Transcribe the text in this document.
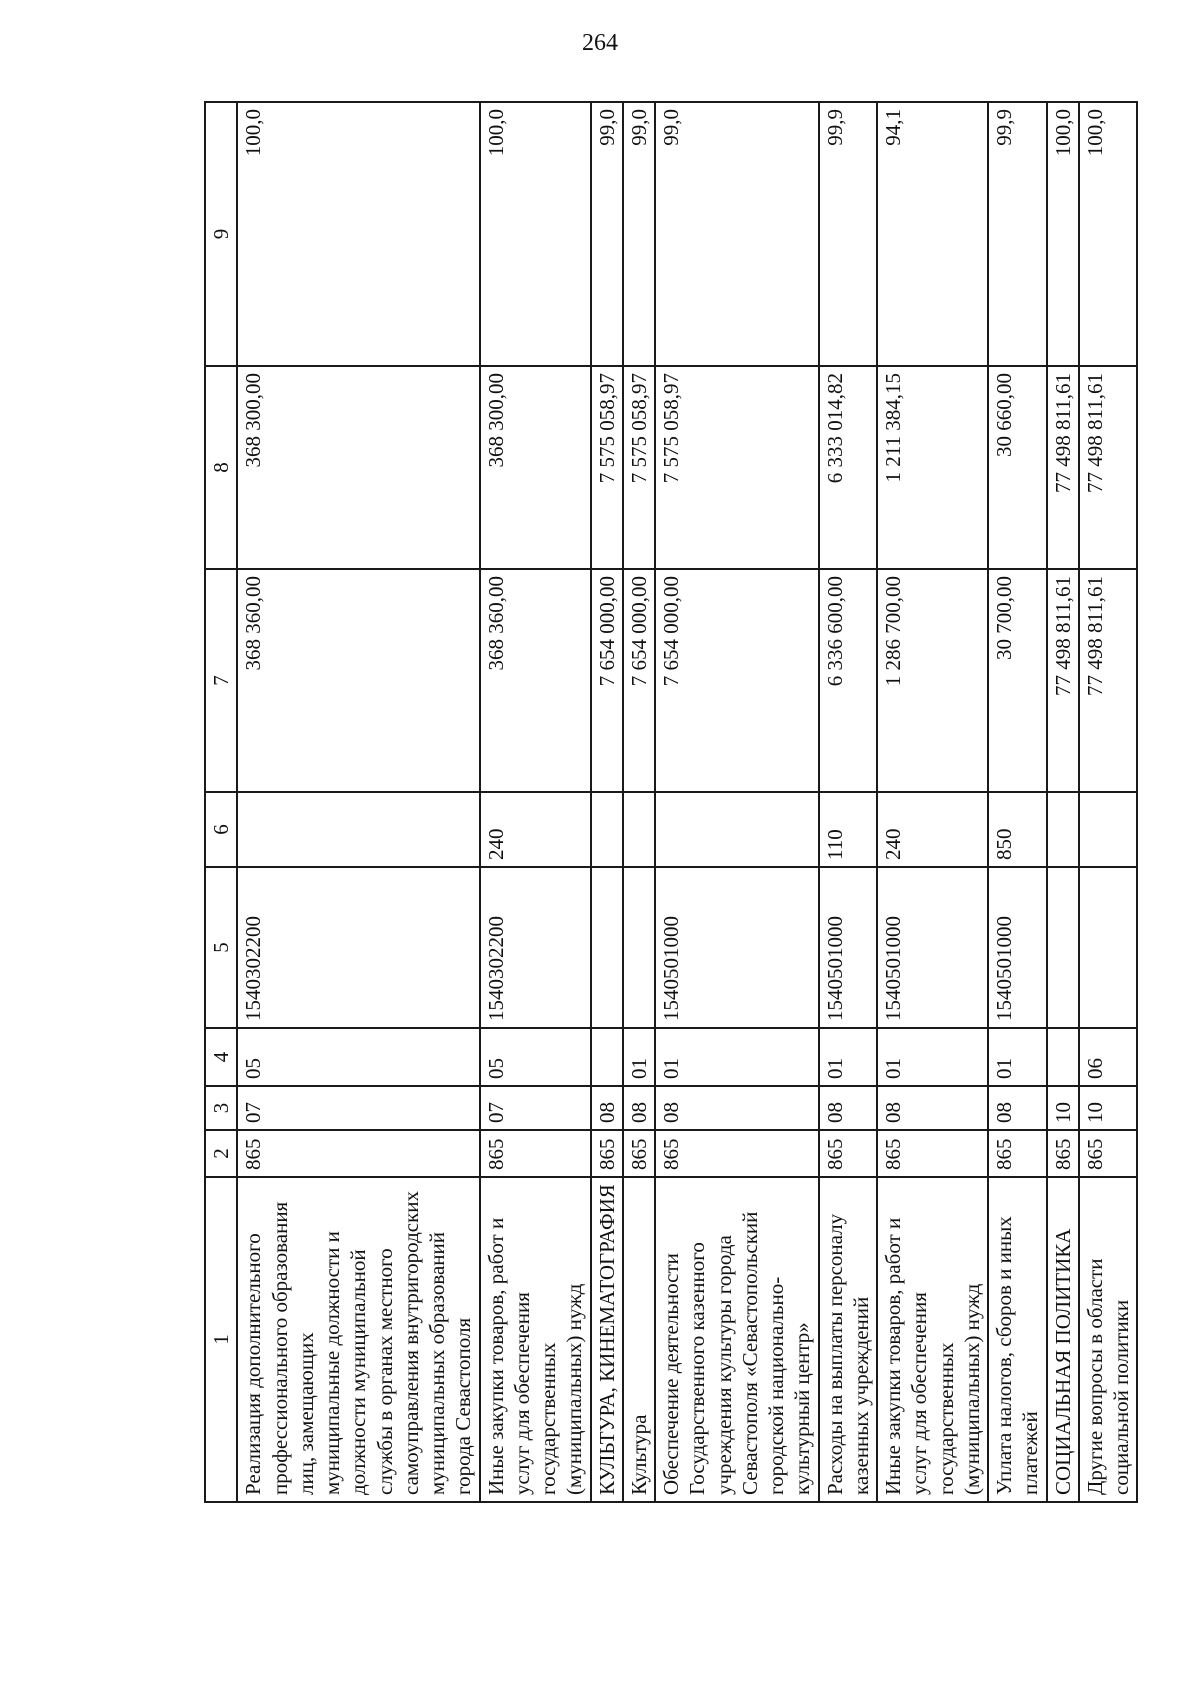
264
1	2	3	4	5	6	7	8	9
Реализация дополнительного профессионального образования лиц, замещающих муниципальные должности и должности муниципальной службы в органах местного самоуправления внутригородских муниципальных образований города Севастополя	865	07	05	1540302200		368 360,00	368 300,00	100,0
Иные закупки товаров, работ и услуг для обеспечения государственных (муниципальных) нужд	865	07	05	1540302200	240	368 360,00	368 300,00	100,0
КУЛЬТУРА, КИНЕМАТОГРАФИЯ	865	08				7 654 000,00	7 575 058,97	99,0
Культура	865	08	01			7 654 000,00	7 575 058,97	99,0
Обеспечение деятельности Государственного казенного учреждения культуры города Севастополя «Севастопольский городской национально-культурный центр»	865	08	01	1540501000		7 654 000,00	7 575 058,97	99,0
Расходы на выплаты персоналу казенных учреждений	865	08	01	1540501000	110	6 336 600,00	6 333 014,82	99,9
Иные закупки товаров, работ и услуг для обеспечения государственных (муниципальных) нужд	865	08	01	1540501000	240	1 286 700,00	1 211 384,15	94,1
Уплата налогов, сборов и иных платежей	865	08	01	1540501000	850	30 700,00	30 660,00	99,9
СОЦИАЛЬНАЯ ПОЛИТИКА	865	10				77 498 811,61	77 498 811,61	100,0
Другие вопросы в области социальной политики	865	10	06			77 498 811,61	77 498 811,61	100,0
